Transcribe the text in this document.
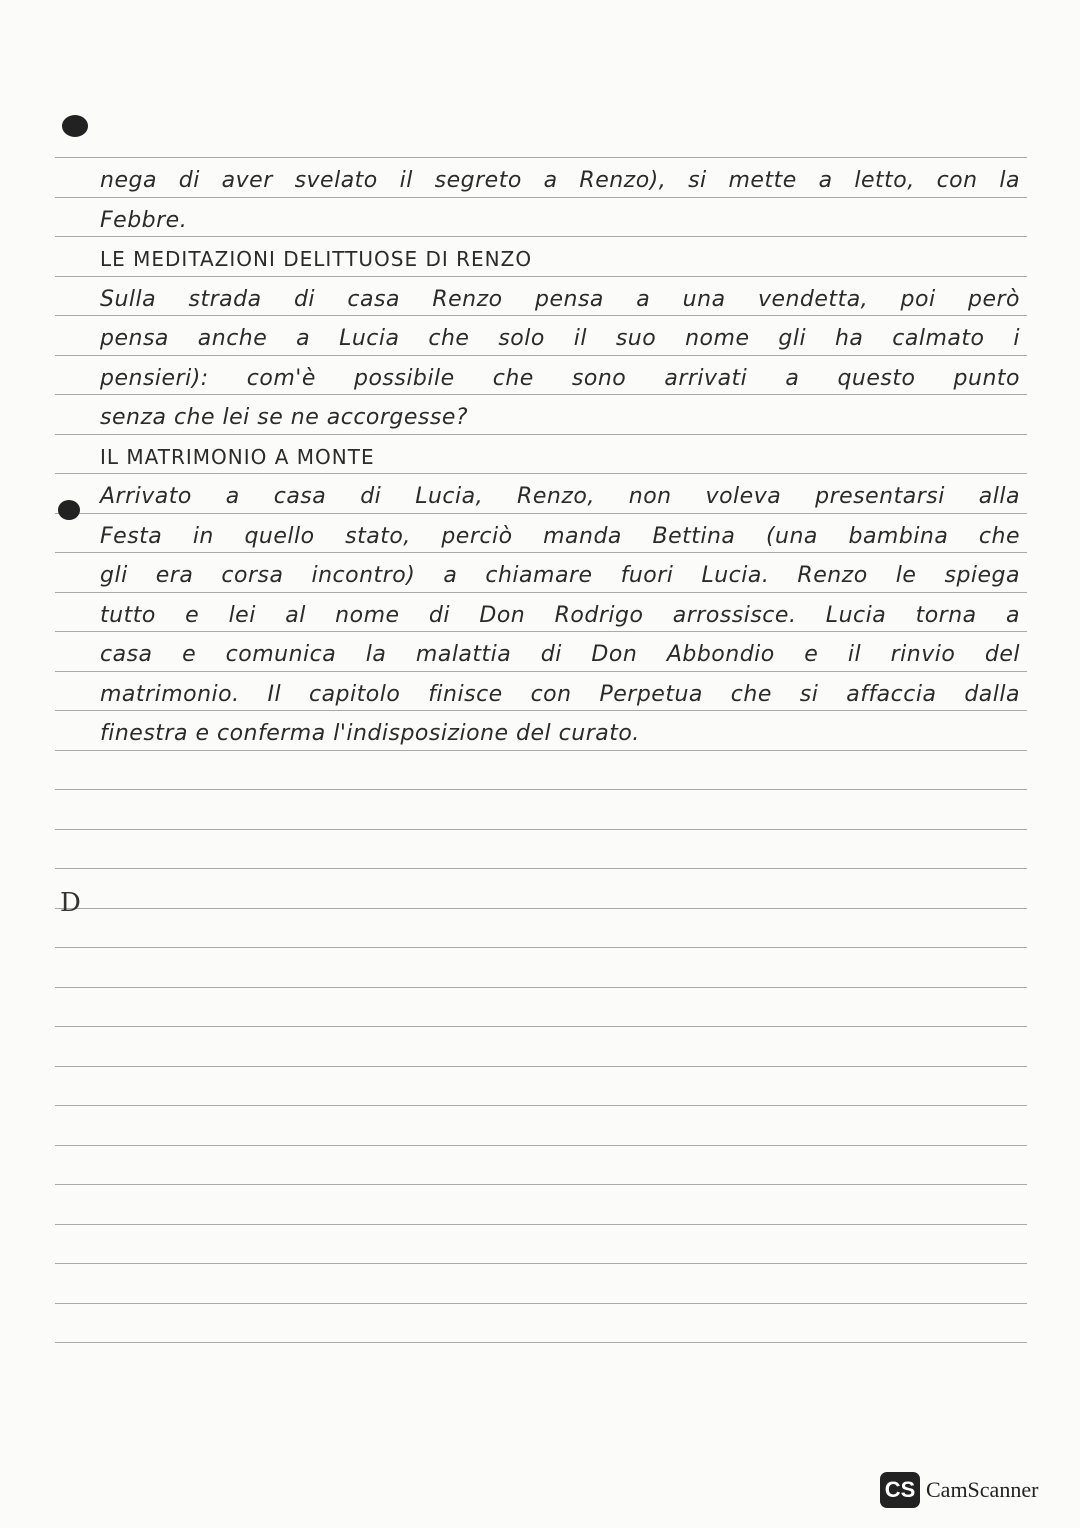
D
nega di aver svelato il segreto a Renzo), si mette a letto, con la
Febbre.
LE MEDITAZIONI DELITTUOSE DI RENZO
Sulla strada di casa Renzo pensa a una vendetta, poi però
pensa anche a Lucia che solo il suo nome gli ha calmato i
pensieri): com'è possibile che sono arrivati a questo punto
senza che lei se ne accorgesse?
IL MATRIMONIO A MONTE
Arrivato a casa di Lucia, Renzo, non voleva presentarsi alla
Festa in quello stato, perciò manda Bettina (una bambina che
gli era corsa incontro) a chiamare fuori Lucia. Renzo le spiega
tutto e lei al nome di Don Rodrigo arrossisce. Lucia torna a
casa e comunica la malattia di Don Abbondio e il rinvio del
matrimonio. Il capitolo finisce con Perpetua che si affaccia dalla
finestra e conferma l'indisposizione del curato.
CS CamScanner
